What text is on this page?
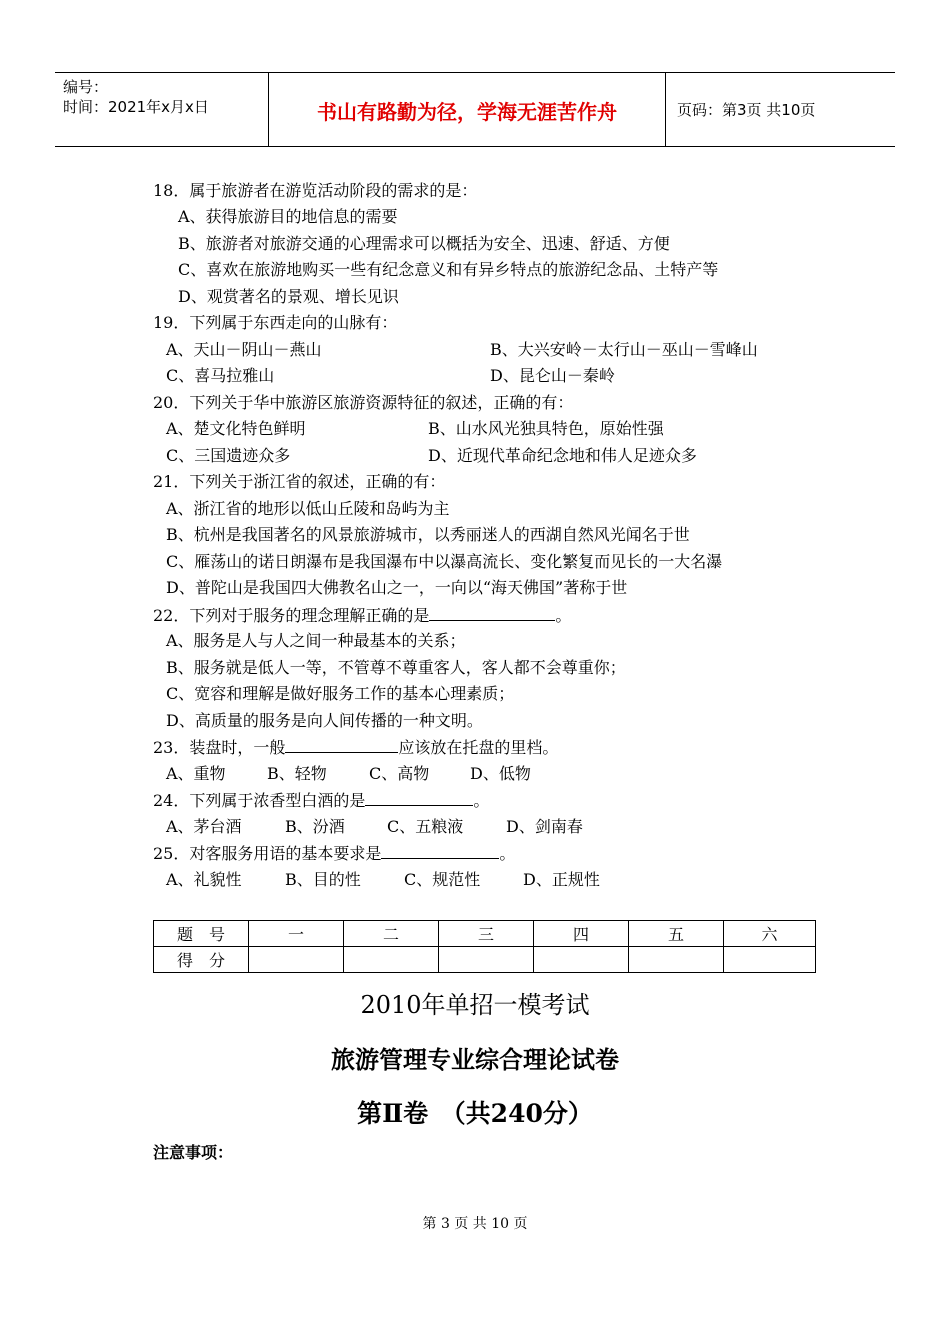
编号：
时间：2021年x月x日	书山有路勤为径，学海无涯苦作舟	页码：第3页 共10页
18．属于旅游者在游览活动阶段的需求的是：
A、获得旅游目的地信息的需要
B、旅游者对旅游交通的心理需求可以概括为安全、迅速、舒适、方便
C、喜欢在旅游地购买一些有纪念意义和有异乡特点的旅游纪念品、土特产等
D、观赏著名的景观、增长见识
19．下列属于东西走向的山脉有：
A、天山－阴山－燕山	B、大兴安岭－太行山－巫山－雪峰山
C、喜马拉雅山	D、昆仑山－秦岭
20．下列关于华中旅游区旅游资源特征的叙述，正确的有：
A、楚文化特色鲜明	B、山水风光独具特色，原始性强
C、三国遗迹众多	D、近现代革命纪念地和伟人足迹众多
21．下列关于浙江省的叙述，正确的有：
A、浙江省的地形以低山丘陵和岛屿为主
B、杭州是我国著名的风景旅游城市，以秀丽迷人的西湖自然风光闻名于世
C、雁荡山的诺日朗瀑布是我国瀑布中以瀑高流长、变化繁复而见长的一大名瀑
D、普陀山是我国四大佛教名山之一，一向以“海天佛国”著称于世
22．下列对于服务的理念理解正确的是	。
A、服务是人与人之间一种最基本的关系；
B、服务就是低人一等，不管尊不尊重客人，客人都不会尊重你；
C、宽容和理解是做好服务工作的基本心理素质；
D、高质量的服务是向人间传播的一种文明。
23．装盘时，一般	应该放在托盘的里档。
A、重物	B、轻物	C、高物	D、低物
24．下列属于浓香型白酒的是	。
A、茅台酒	B、汾酒	C、五粮液	D、剑南春
25．对客服务用语的基本要求是	。
A、礼貌性	B、目的性	C、规范性	D、正规性
题　号	一	二	三	四	五	六
得　分						
2010年单招一模考试
旅游管理专业综合理论试卷
第Ⅱ卷　（共240分）
注意事项：
第 3 页 共 10 页
